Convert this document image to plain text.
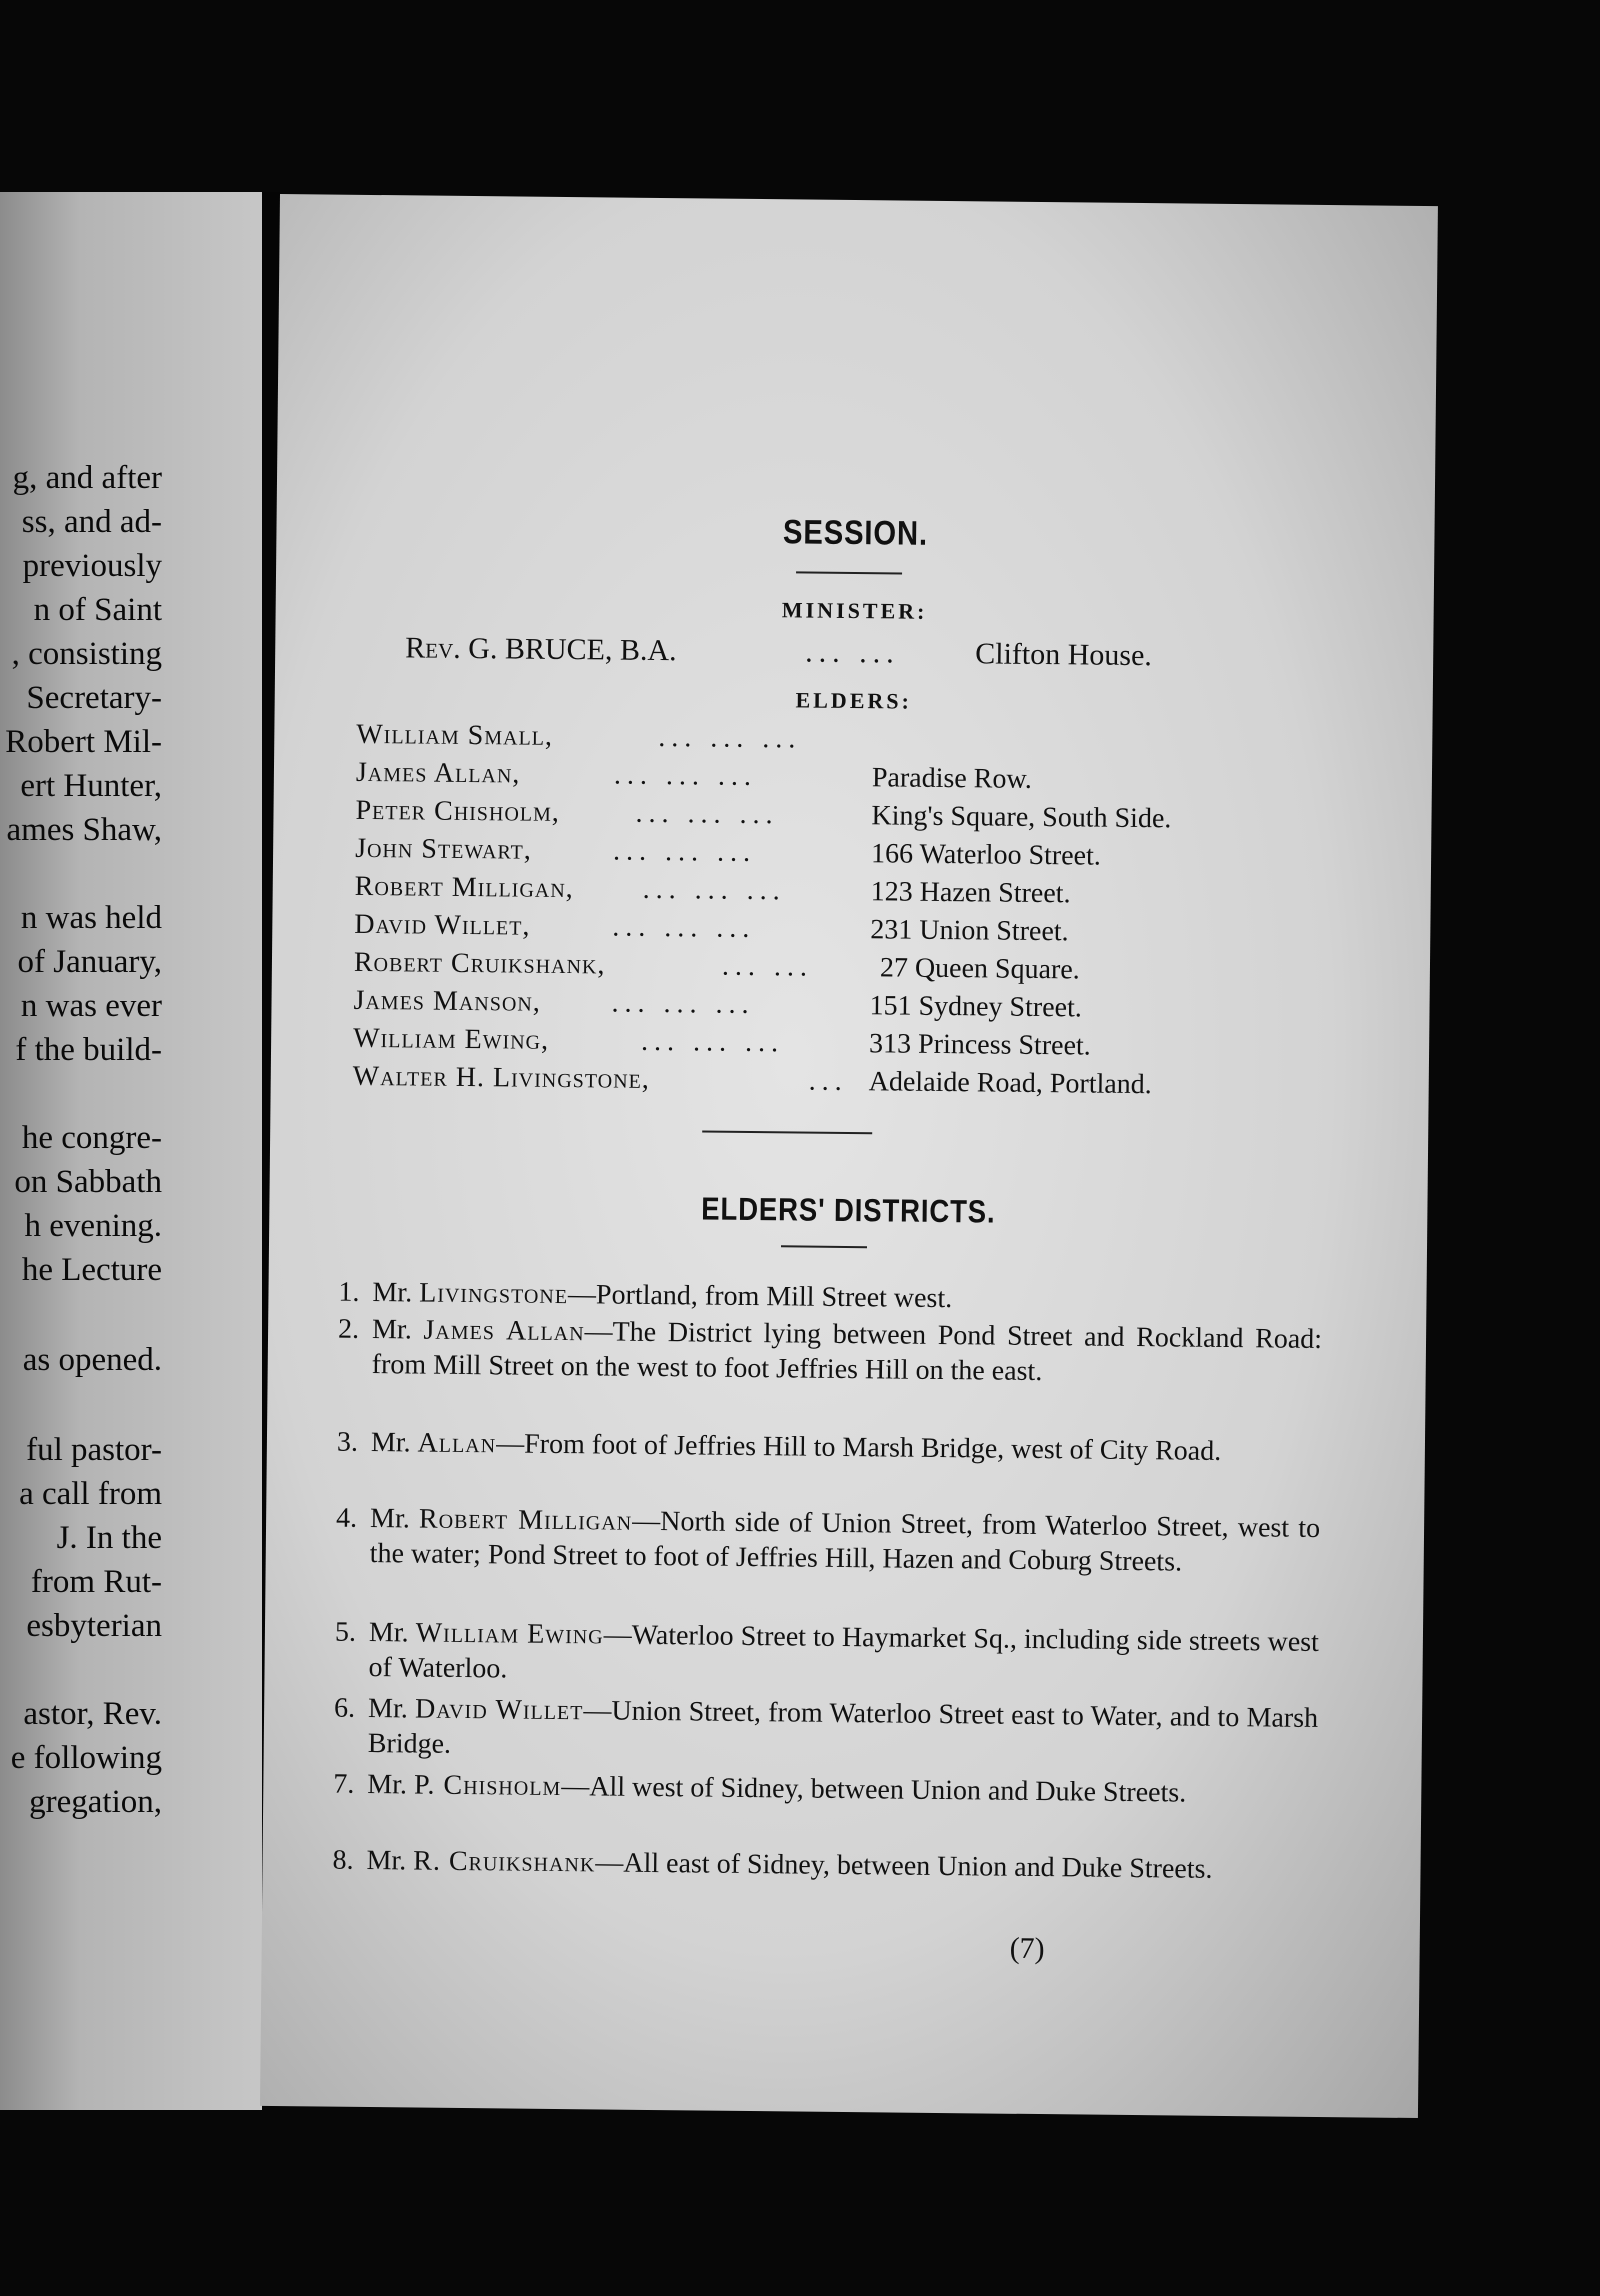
g, and after
ss, and ad-
previously
n of Saint
, consisting
Secretary-
Robert Mil-
ert Hunter,
ames Shaw,
n was held
of January,
n was ever
f the build-
he congre-
on Sabbath
h evening.
he Lecture
as opened.
ful pastor-
a call from
J. In the
from Rut-
esbyterian
astor, Rev.
e following
gregation,
SESSION.
MINISTER:
Rev. G. BRUCE, B.A.	... ...	Clifton House.
ELDERS:
William Small,	... ... ...
James Allan,	... ... ...	Paradise Row.
Peter Chisholm,	... ... ...	King's Square, South Side.
John Stewart,	... ... ...	166 Waterloo Street.
Robert Milligan, ... ... ...	123 Hazen Street.
David Willet,	... ... ...	231 Union Street.
Robert Cruikshank,	... ... 27 Queen Square.
James Manson,	... ... ...	151 Sydney Street.
William Ewing,	... ... ...	313 Princess Street.
Walter H. Livingstone,	... Adelaide Road, Portland.
ELDERS' DISTRICTS.
1. Mr. Livingstone—Portland, from Mill Street west.
2. Mr. James Allan—The District lying between Pond Street and Rockland Road: from Mill Street on the west to foot Jeffries Hill on the east.
3. Mr. Allan—From foot of Jeffries Hill to Marsh Bridge, west of City Road.
4. Mr. Robert Milligan—North side of Union Street, from Waterloo Street, west to the water; Pond Street to foot of Jeffries Hill, Hazen and Coburg Streets.
5. Mr. William Ewing—Waterloo Street to Haymarket Sq., including side streets west of Waterloo.
6. Mr. David Willet—Union Street, from Waterloo Street east to Water, and to Marsh Bridge.
7. Mr. P. Chisholm—All west of Sidney, between Union and Duke Streets.
8. Mr. R. Cruikshank—All east of Sidney, between Union and Duke Streets.
(7)
